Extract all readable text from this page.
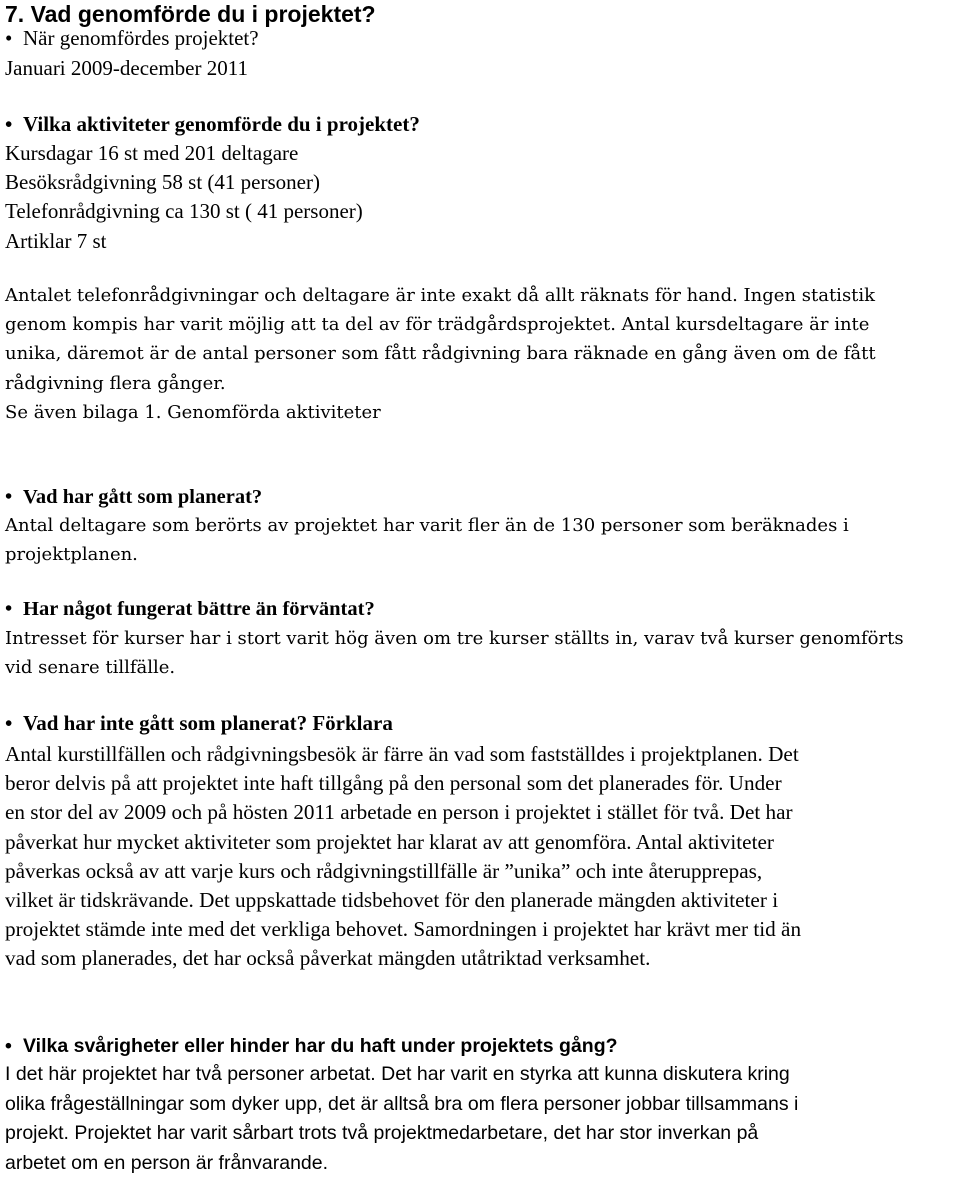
7. Vad genomförde du i projektet?
• När genomfördes projektet?
Januari 2009-december 2011
• Vilka aktiviteter genomförde du i projektet?
Kursdagar 16 st med 201 deltagare
Besöksrådgivning 58 st (41 personer)
Telefonrådgivning ca 130 st ( 41 personer)
Artiklar 7 st
Antalet telefonrådgivningar och deltagare är inte exakt då allt räknats för hand. Ingen statistik
genom kompis har varit möjlig att ta del av för trädgårdsprojektet. Antal kursdeltagare är inte
unika, däremot är de antal personer som fått rådgivning bara räknade en gång även om de fått
rådgivning flera gånger.
Se även bilaga 1. Genomförda aktiviteter
• Vad har gått som planerat?
Antal deltagare som berörts av projektet har varit fler än de 130 personer som beräknades i
projektplanen.
• Har något fungerat bättre än förväntat?
Intresset för kurser har i stort varit hög även om tre kurser ställts in, varav två kurser genomförts
vid senare tillfälle.
• Vad har inte gått som planerat? Förklara
Antal kurstillfällen och rådgivningsbesök är färre än vad som fastställdes i projektplanen. Det
beror delvis på att projektet inte haft tillgång på den personal som det planerades för. Under
en stor del av 2009 och på hösten 2011 arbetade en person i projektet i stället för två. Det har
påverkat hur mycket aktiviteter som projektet har klarat av att genomföra. Antal aktiviteter
påverkas också av att varje kurs och rådgivningstillfälle är ”unika” och inte återupprepas,
vilket är tidskrävande. Det uppskattade tidsbehovet för den planerade mängden aktiviteter i
projektet stämde inte med det verkliga behovet. Samordningen i projektet har krävt mer tid än
vad som planerades, det har också påverkat mängden utåtriktad verksamhet.
• Vilka svårigheter eller hinder har du haft under projektets gång?
I det här projektet har två personer arbetat. Det har varit en styrka att kunna diskutera kring
olika frågeställningar som dyker upp, det är alltså bra om flera personer jobbar tillsammans i
projekt. Projektet har varit sårbart trots två projektmedarbetare, det har stor inverkan på
arbetet om en person är frånvarande.
